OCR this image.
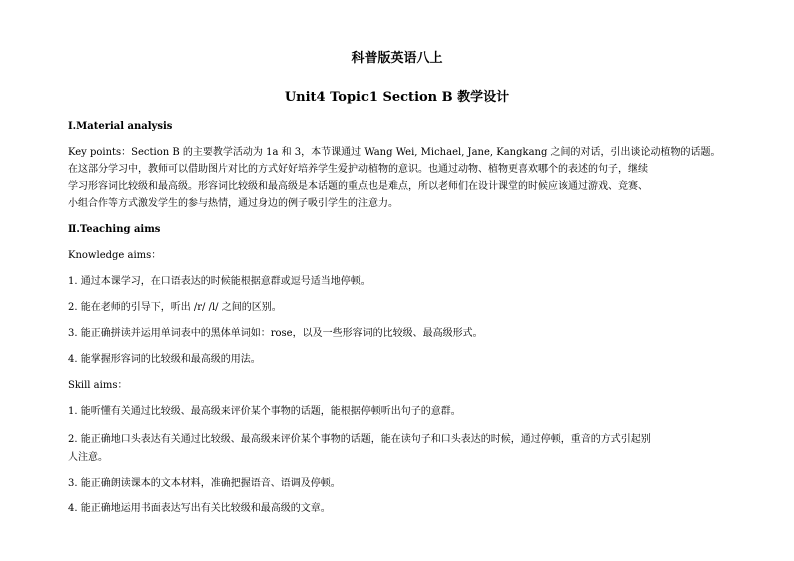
科普版英语八上
Unit4 Topic1 Section B 教学设计
Ⅰ.Material analysis
Key points：Section B 的主要教学活动为 1a 和 3，本节课通过 Wang Wei, Michael, Jane, Kangkang 之间的对话，引出谈论动植物的话题。
在这部分学习中，教师可以借助图片对比的方式好好培养学生爱护动植物的意识。也通过动物、植物更喜欢哪个的表述的句子，继续
学习形容词比较级和最高级。形容词比较级和最高级是本话题的重点也是难点，所以老师们在设计课堂的时候应该通过游戏、竞赛、
小组合作等方式激发学生的参与热情，通过身边的例子吸引学生的注意力。
Ⅱ.Teaching aims
Knowledge aims：
1. 通过本课学习，在口语表达的时候能根据意群或逗号适当地停顿。
2. 能在老师的引导下，听出 /r/ /l/ 之间的区别。
3. 能正确拼读并运用单词表中的黑体单词如：rose，以及一些形容词的比较级、最高级形式。
4. 能掌握形容词的比较级和最高级的用法。
Skill aims：
1. 能听懂有关通过比较级、最高级来评价某个事物的话题，能根据停顿听出句子的意群。
2. 能正确地口头表达有关通过比较级、最高级来评价某个事物的话题，能在读句子和口头表达的时候，通过停顿，重音的方式引起别
人注意。
3. 能正确朗读课本的文本材料，准确把握语音、语调及停顿。
4. 能正确地运用书面表达写出有关比较级和最高级的文章。
